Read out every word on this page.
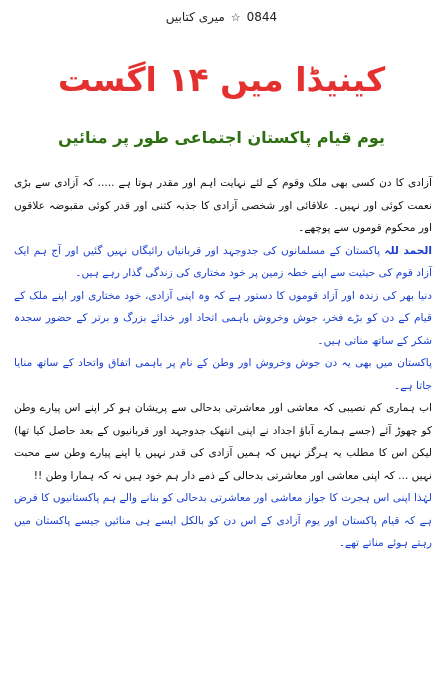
میری کتابیں ☆ 0844
کینیڈا میں ۱۴ اگست
یوم قیام پاکستان اجتماعی طور پر منائیں

آزادی کا دن کسی بھی ملک وقوم کے لئے نہایت اہم اور مقدر ہوتا ہے ..... کہ آزادی سے بڑی نعمت کوئی اور نہیں۔ علاقائی اور شخصی آزادی کا جذبہ کتنی اور قدر کوئی مقبوضہ علاقوں اور محکوم قوموں سے پوچھے۔

الحمد للہ پاکستان کے مسلمانوں کی جدوجہد اور قربانیاں رائیگاں نہیں گئیں اور آج ہم ایک آزاد قوم کی حیثیت سے اپنے خطہ زمین پر خود مختاری کی زندگی گذار رہے ہیں۔

دنیا بھر کی زندہ اور آزاد قوموں کا دستور ہے کہ وہ اپنی آزادی، خود مختاری اور اپنے ملک کے قیام کے دن کو بڑے فخر، جوش وخروش باہمی اتحاد اور خدائے بزرگ و برتر کے حضور سجدہ شکر کے ساتھ مناتی ہیں۔

پاکستان میں بھی یہ دن جوش وخروش اور وطن کے نام پر باہمی اتفاق واتحاد کے ساتھ منایا جاتا ہے۔

اب ہماری کم نصیبی کہ معاشی اور معاشرتی بدحالی سے پریشان ہو کر اپنے اس پیارے وطن کو چھوڑ آئے (جسے ہمارے آباؤ اجداد نے اپنی انتھک جدوجہد اور قربانیوں کے بعد حاصل کیا تھا) لیکن اس کا مطلب یہ ہرگز نہیں کہ ہمیں آزادی کی قدر نہیں یا اپنے پیارے وطن سے محبت نہیں ... کہ اپنی معاشی اور معاشرتی بدحالی کے ذمے دار ہم خود ہیں نہ کہ ہمارا وطن !!

لہٰذا اپنی اس ہجرت کا جواز معاشی اور معاشرتی بدحالی کو بنانے والے ہم پاکستانیوں کا فرض ہے کہ قیام پاکستان اور یوم آزادی کے اس دن کو بالکل ایسے ہی منائیں جیسے پاکستان میں رہتے ہوئے مناتے تھے۔
